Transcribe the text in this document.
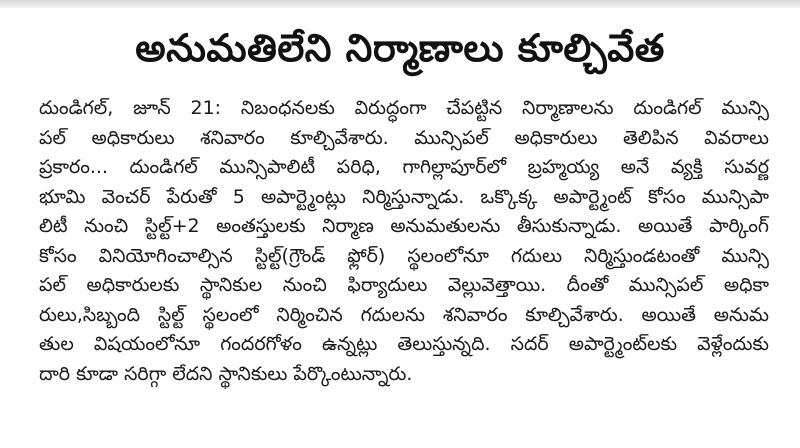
అనుమతిలేని నిర్మాణాలు కూల్చివేత
దుండిగల్, జూన్ 21: నిబంధనలకు విరుద్ధంగా చేపట్టిన నిర్మాణాలను దుండిగల్ మున్సి
పల్ అధికారులు శనివారం కూల్చివేశారు. మున్సిపల్ అధికారులు తెలిపిన వివరాలు
ప్రకారం... దుండిగల్ మున్సిపాలిటీ పరిధి, గాగిల్లాపూర్‌లో బ్రహ్మయ్య అనే వ్యక్తి సువర్ణ
భూమి వెంచర్ పేరుతో 5 అపార్ట్మెంట్లు నిర్మిస్తున్నాడు. ఒక్కొక్క అపార్ట్మెంట్ కోసం మున్సిపా
లిటీ నుంచి స్టిల్ట్+2 అంతస్తులకు నిర్మాణ అనుమతులను తీసుకున్నాడు. అయితే పార్కింగ్
కోసం వినియోగించాల్సిన స్టిల్ట్(గ్రౌండ్ ఫ్లోర్) స్థలంలోనూ గదులు నిర్మిస్తుండటంతో మున్సి
పల్ అధికారులకు స్థానికుల నుంచి ఫిర్యాదులు వెల్లువెత్తాయి. దీంతో మున్సిపల్ అధికా
రులు,సిబ్బంది స్టిల్ట్ స్థలంలో నిర్మించిన గదులను శనివారం కూల్చివేశారు. అయితే అనుమ
తుల విషయంలోనూ గందరగోళం ఉన్నట్లు తెలుస్తున్నది. సదర్ అపార్ట్మెంట్‌లకు వెళ్లేందుకు
దారి కూడా సరిగ్గా లేదని స్థానికులు పేర్కొంటున్నారు.
